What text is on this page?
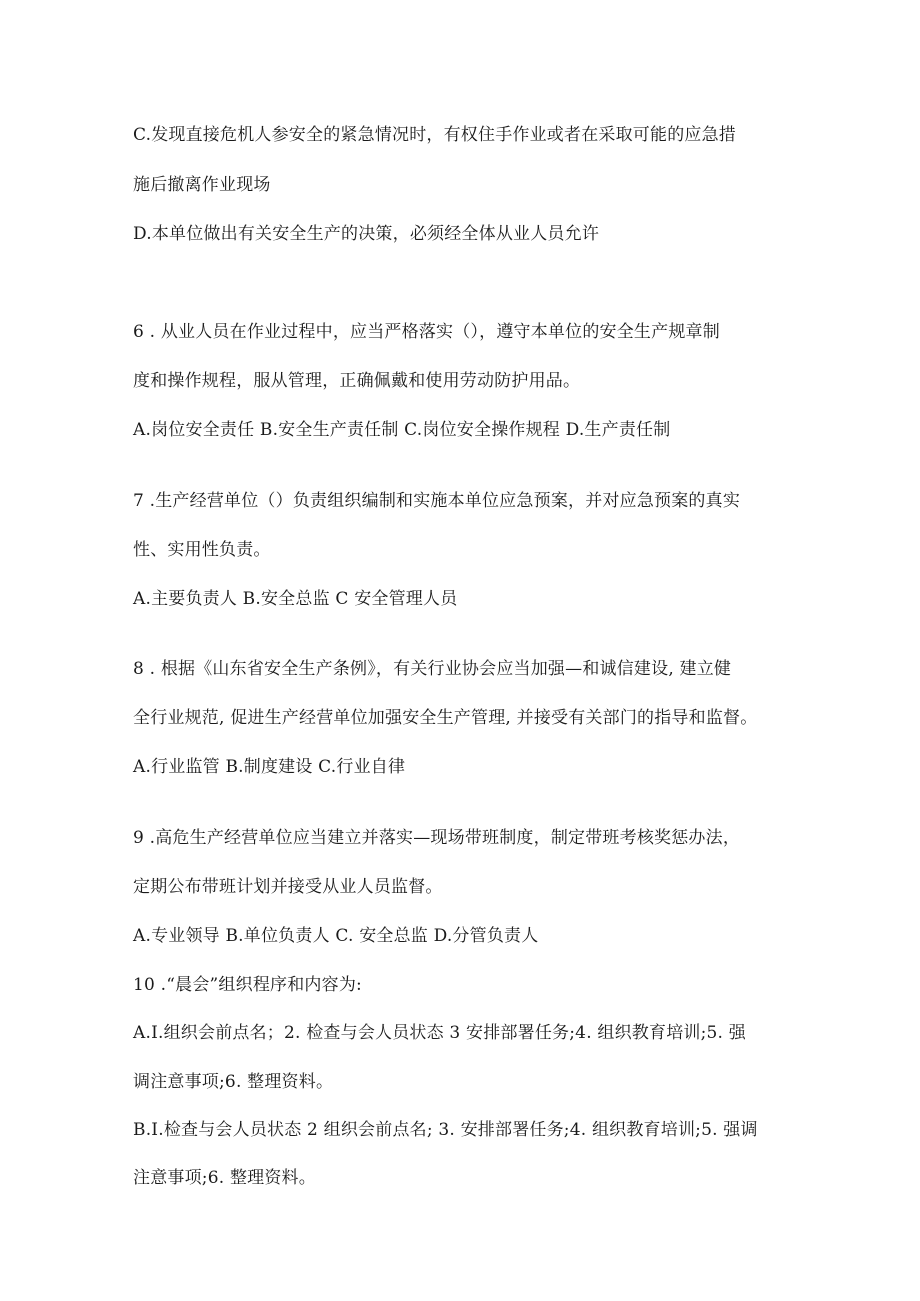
C.发现直接危机人参安全的紧急情况时，有权住手作业或者在采取可能的应急措
施后撤离作业现场
D.本单位做出有关安全生产的决策，必须经全体从业人员允许
6 . 从业人员在作业过程中，应当严格落实（），遵守本单位的安全生产规章制
度和操作规程，服从管理，正确佩戴和使用劳动防护用品。
A.岗位安全责任 B.安全生产责任制 C.岗位安全操作规程 D.生产责任制
7 .生产经营单位（）负责组织编制和实施本单位应急预案，并对应急预案的真实
性、实用性负责。
A.主要负责人 B.安全总监 C 安全管理人员
8 . 根据《山东省安全生产条例》，有关行业协会应当加强—和诚信建设, 建立健
全行业规范, 促进生产经营单位加强安全生产管理, 并接受有关部门的指导和监督。
A.行业监管 B.制度建设 C.行业自律
9 .高危生产经营单位应当建立并落实—现场带班制度，制定带班考核奖惩办法，
定期公布带班计划并接受从业人员监督。
A.专业领导 B.单位负责人 C. 安全总监 D.分管负责人
10 .“晨会”组织程序和内容为:
A.I.组织会前点名；2. 检查与会人员状态 3 安排部署任务;4. 组织教育培训;5. 强
调注意事项;6. 整理资料。
B.I.检查与会人员状态 2 组织会前点名; 3. 安排部署任务;4. 组织教育培训;5. 强调
注意事项;6. 整理资料。
